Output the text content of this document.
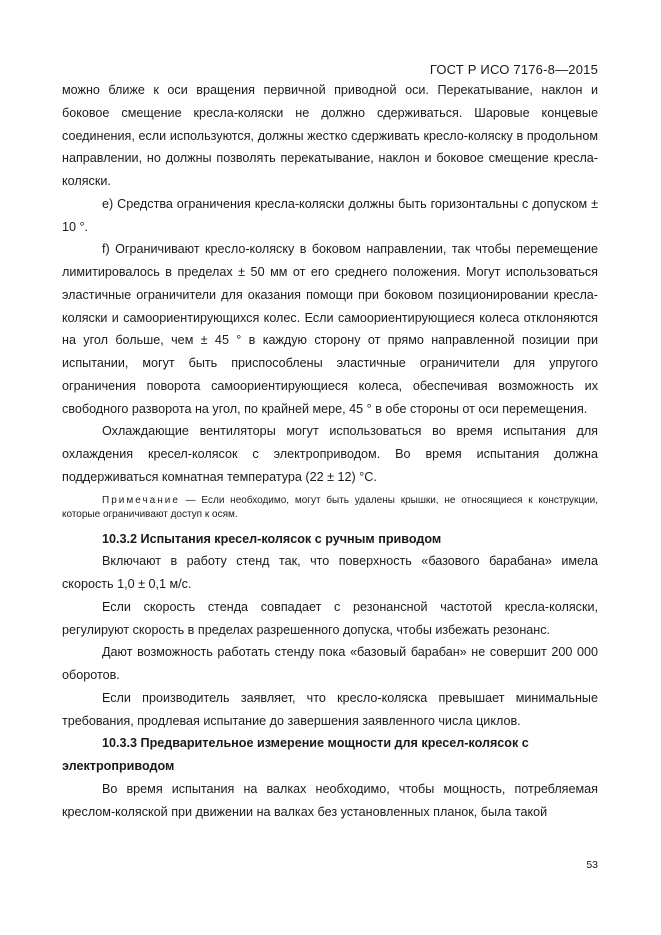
ГОСТ Р ИСО 7176-8—2015

можно ближе к оси вращения первичной приводной оси. Перекатывание, наклон и боковое смещение кресла-коляски не должно сдерживаться. Шаровые концевые соединения, если используются, должны жестко сдерживать кресло-коляску в продольном направлении, но должны позволять перекатывание, наклон и боковое смещение кресла-коляски.

e) Средства ограничения кресла-коляски должны быть горизонтальны с допуском ± 10 °.

f) Ограничивают кресло-коляску в боковом направлении, так чтобы перемещение лимитировалось в пределах ± 50 мм от его среднего положения. Могут использоваться эластичные ограничители для оказания помощи при боковом позиционировании кресла-коляски и самоориентирующихся колес. Если самоориентирующиеся колеса отклоняются на угол больше, чем ± 45 ° в каждую сторону от прямо направленной позиции при испытании, могут быть приспособлены эластичные ограничители для упругого ограничения поворота самоориентирующиеся колеса, обеспечивая возможность их свободного разворота на угол, по крайней мере, 45 ° в обе стороны от оси перемещения.

Охлаждающие вентиляторы могут использоваться во время испытания для охлаждения кресел-колясок с электроприводом. Во время испытания должна поддерживаться комнатная температура (22 ± 12) °С.

Примечание — Если необходимо, могут быть удалены крышки, не относящиеся к конструкции, которые ограничивают доступ к осям.

10.3.2 Испытания кресел-колясок с ручным приводом

Включают в работу стенд так, что поверхность «базового барабана» имела скорость 1,0 ± 0,1 м/с.

Если скорость стенда совпадает с резонансной частотой кресла-коляски, регулируют скорость в пределах разрешенного допуска, чтобы избежать резонанс.

Дают возможность работать стенду пока «базовый барабан» не совершит 200 000 оборотов.

Если производитель заявляет, что кресло-коляска превышает минимальные требования, продлевая испытание до завершения заявленного числа циклов.

10.3.3 Предварительное измерение мощности для кресел-колясок с электроприводом

Во время испытания на валках необходимо, чтобы мощность, потребляемая креслом-коляской при движении на валках без установленных планок, была такой

53
